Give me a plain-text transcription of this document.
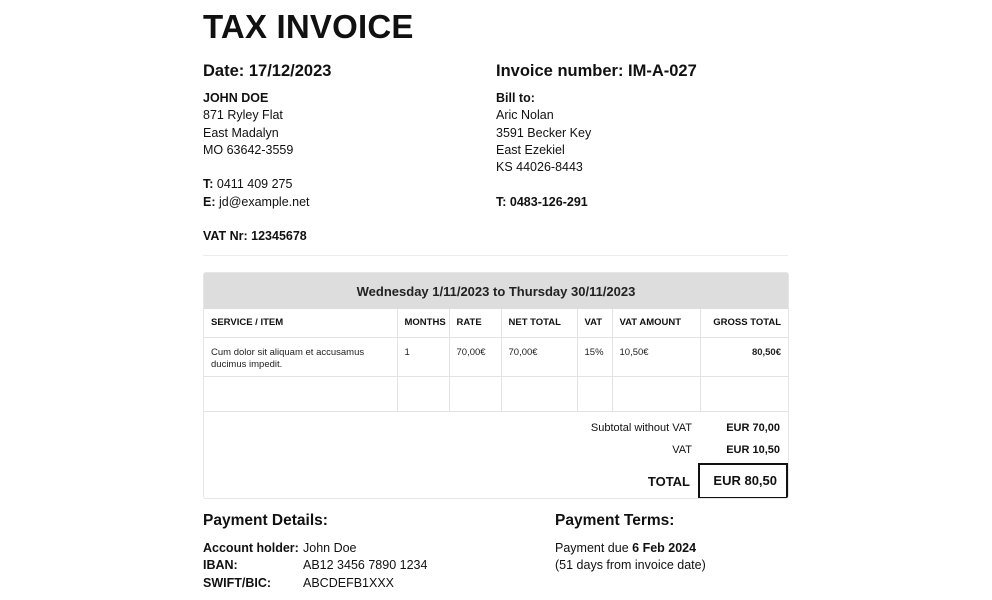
TAX INVOICE
Date: 17/12/2023	Invoice number: IM-A-027
JOHN DOE
871 Ryley Flat
East Madalyn
MO 63642-3559
T: 0411 409 275
E: jd@example.net
VAT Nr: 12345678
Bill to:
Aric Nolan
3591 Becker Key
East Ezekiel
KS 44026-8443
T: 0483-126-291
Wednesday 1/11/2023 to Thursday 30/11/2023
SERVICE / ITEM	MONTHS	RATE	NET TOTAL	VAT	VAT AMOUNT	GROSS TOTAL
Cum dolor sit aliquam et accusamus ducimus impedit.	1	70,00€	70,00€	15%	10,50€	80,50€

Subtotal without VAT	EUR 70,00
VAT	EUR 10,50
TOTAL	EUR 80,50
Payment Details:
Account holder: John Doe
IBAN:	AB12 3456 7890 1234
SWIFT/BIC:	ABCDEFB1XXX
Payment Terms:
Payment due 6 Feb 2024
(51 days from invoice date)
